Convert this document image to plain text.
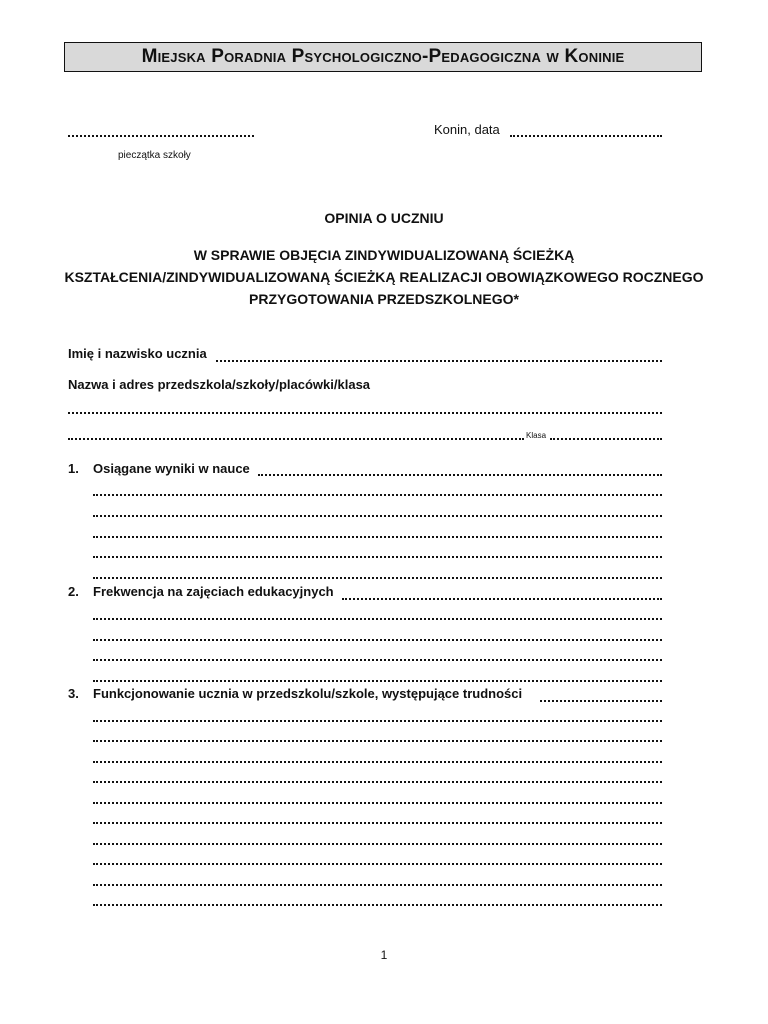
Miejska Poradnia Psychologiczno-Pedagogiczna w Koninie
pieczątka szkoły
Konin, data
OPINIA O UCZNIU
W SPRAWIE OBJĘCIA ZINDYWIDUALIZOWANĄ ŚCIEŻKĄ KSZTAŁCENIA/ZINDYWIDUALIZOWANĄ ŚCIEŻKĄ REALIZACJI OBOWIĄZKOWEGO ROCZNEGO PRZYGOTOWANIA PRZEDSZKOLNEGO*
Imię i nazwisko ucznia
Nazwa i adres przedszkola/szkoły/placówki/klasa
Klasa
1. Osiągane wyniki w nauce
2. Frekwencja na zajęciach edukacyjnych
3. Funkcjonowanie ucznia w przedszkolu/szkole, występujące trudności
1
